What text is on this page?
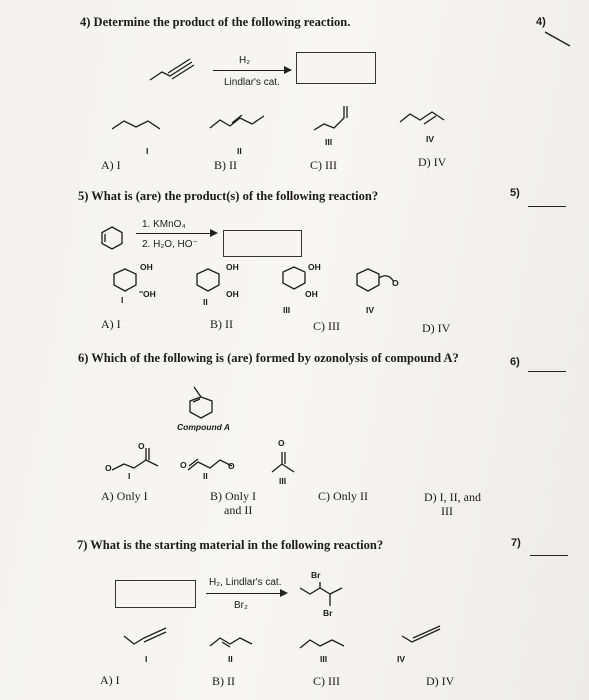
4) Determine the product of the following reaction.	4)
H₂
Lindlar's cat.
I	II
III	IV
A) I	B) II	C) III	D) IV
5) What is (are) the product(s) of the following reaction?	5)
1. KMnO₄
2. H₂O, HO⁻
OH
''OH
OH
OH
OH
OH
O
I	II
III	IV
A) I	B) II	C) III	D) IV
6) Which of the following is (are) formed by ozonolysis of compound A?	6)
Compound A
O
O	O	O
O
I	II	III
A) Only I	B) Only I
and II
C) Only II	D) I, II, and
III
7) What is the starting material in the following reaction?	7)
H₂, Lindlar's cat.
Br₂
Br
Br
I	II	III	IV
A) I	B) II	C) III	D) IV
